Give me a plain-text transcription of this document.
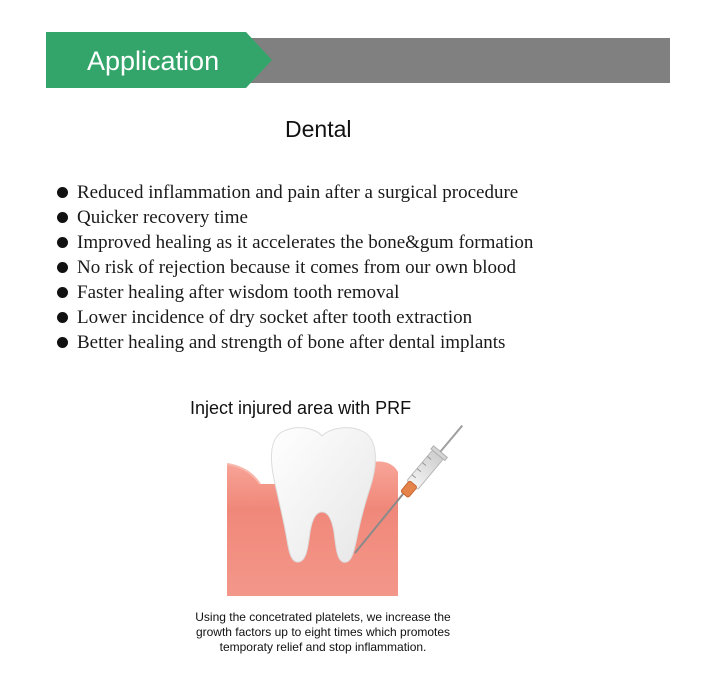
Application
Dental
Reduced inflammation and pain after a surgical procedure
Quicker recovery time
Improved healing as it accelerates the bone&gum formation
No risk of rejection because it comes from our own blood
Faster healing after wisdom tooth removal
Lower incidence of dry socket after tooth extraction
Better healing and strength of bone after dental implants
Inject injured area with PRF
Using the concetrated platelets, we increase the
growth factors up to eight times which promotes
temporaty relief and stop inflammation.
